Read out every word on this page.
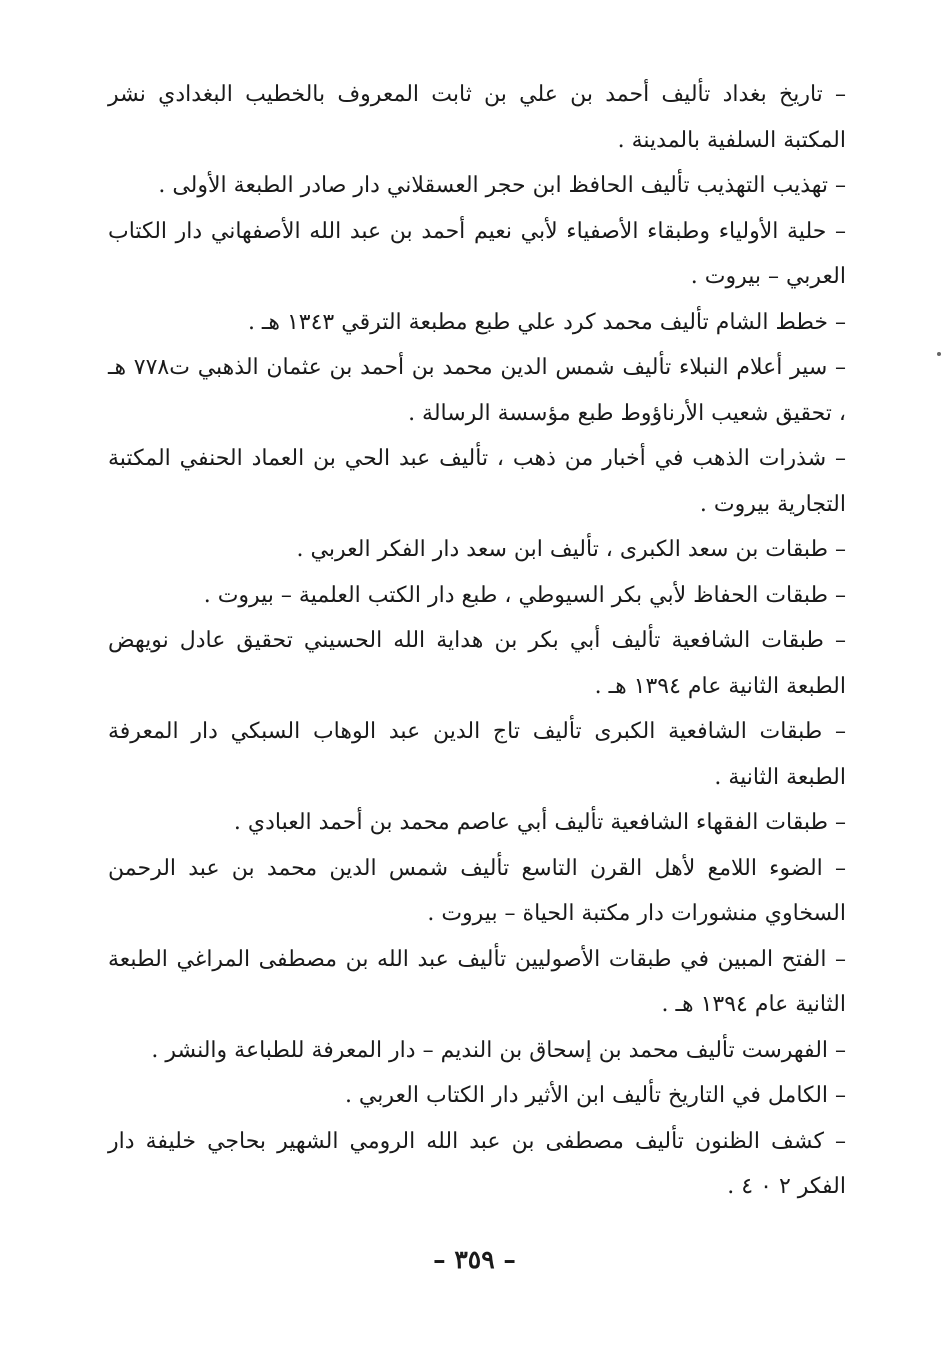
– تاريخ بغداد تأليف أحمد بن علي بن ثابت المعروف بالخطيب البغدادي نشر المكتبة السلفية بالمدينة .
– تهذيب التهذيب تأليف الحافظ ابن حجر العسقلاني دار صادر الطبعة الأولى .
– حلية الأولياء وطبقاء الأصفياء لأبي نعيم أحمد بن عبد الله الأصفهاني دار الكتاب العربي – بيروت .
– خطط الشام تأليف محمد كرد علي طبع مطبعة الترقي ١٣٤٣ هـ .
– سير أعلام النبلاء تأليف شمس الدين محمد بن أحمد بن عثمان الذهبي ت٧٧٨ هـ ، تحقيق شعيب الأرناؤوط طبع مؤسسة الرسالة .
– شذرات الذهب في أخبار من ذهب ، تأليف عبد الحي بن العماد الحنفي المكتبة التجارية بيروت .
– طبقات بن سعد الكبرى ، تأليف ابن سعد دار الفكر العربي .
– طبقات الحفاظ لأبي بكر السيوطي ، طبع دار الكتب العلمية – بيروت .
– طبقات الشافعية تأليف أبي بكر بن هداية الله الحسيني تحقيق عادل نويهض الطبعة الثانية عام ١٣٩٤ هـ .
– طبقات الشافعية الكبرى تأليف تاج الدين عبد الوهاب السبكي دار المعرفة الطبعة الثانية .
– طبقات الفقهاء الشافعية تأليف أبي عاصم محمد بن أحمد العبادي .
– الضوء اللامع لأهل القرن التاسع تأليف شمس الدين محمد بن عبد الرحمن السخاوي منشورات دار مكتبة الحياة – بيروت .
– الفتح المبين في طبقات الأصوليين تأليف عبد الله بن مصطفى المراغي الطبعة الثانية عام ١٣٩٤ هـ .
– الفهرست تأليف محمد بن إسحاق بن النديم – دار المعرفة للطباعة والنشر .
– الكامل في التاريخ تأليف ابن الأثير دار الكتاب العربي .
– كشف الظنون تأليف مصطفى بن عبد الله الرومي الشهير بحاجي خليفة دار الفكر ٢ ٠ ٤ .
– ٣٥٩ –
